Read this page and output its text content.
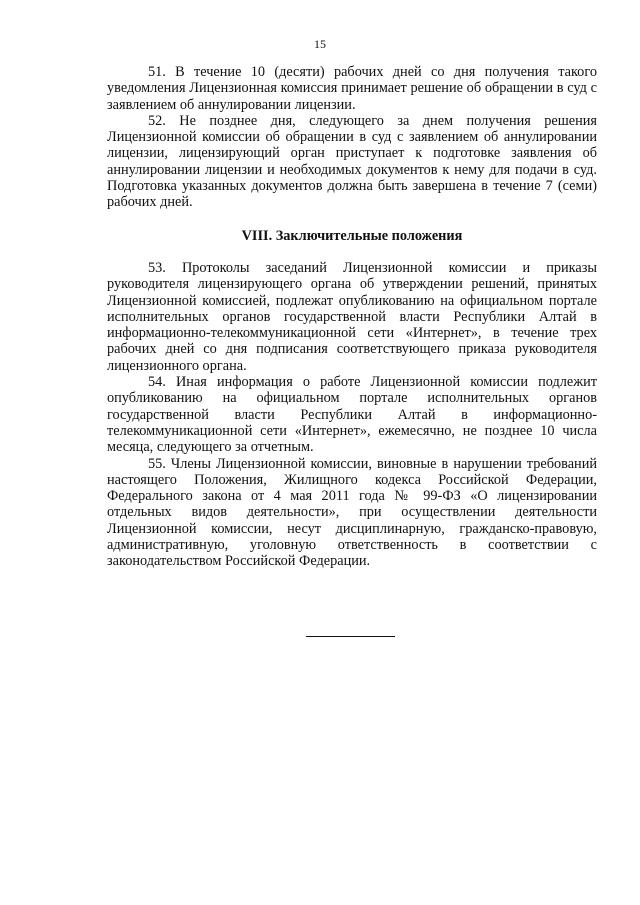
15

51. В течение 10 (десяти) рабочих дней со дня получения такого уведомления Лицензионная комиссия принимает решение об обращении в суд с заявлением об аннулировании лицензии.

52. Не позднее дня, следующего за днем получения решения Лицензионной комиссии об обращении в суд с заявлением об аннулировании лицензии, лицензирующий орган приступает к подготовке заявления об аннулировании лицензии и необходимых документов к нему для подачи в суд. Подготовка указанных документов должна быть завершена в течение 7 (семи) рабочих дней.

VIII. Заключительные положения

53. Протоколы заседаний Лицензионной комиссии и приказы руководителя лицензирующего органа об утверждении решений, принятых Лицензионной комиссией, подлежат опубликованию на официальном портале исполнительных органов государственной власти Республики Алтай в информационно-телекоммуникационной сети «Интернет», в течение трех рабочих дней со дня подписания соответствующего приказа руководителя лицензионного органа.

54. Иная информация о работе Лицензионной комиссии подлежит опубликованию на официальном портале исполнительных органов государственной власти Республики Алтай в информационно-телекоммуникационной сети «Интернет», ежемесячно, не позднее 10 числа месяца, следующего за отчетным.

55. Члены Лицензионной комиссии, виновные в нарушении требований настоящего Положения, Жилищного кодекса Российской Федерации, Федерального закона от 4 мая 2011 года № 99-ФЗ «О лицензировании отдельных видов деятельности», при осуществлении деятельности Лицензионной комиссии, несут дисциплинарную, гражданско-правовую, административную, уголовную ответственность в соответствии с законодательством Российской Федерации.
